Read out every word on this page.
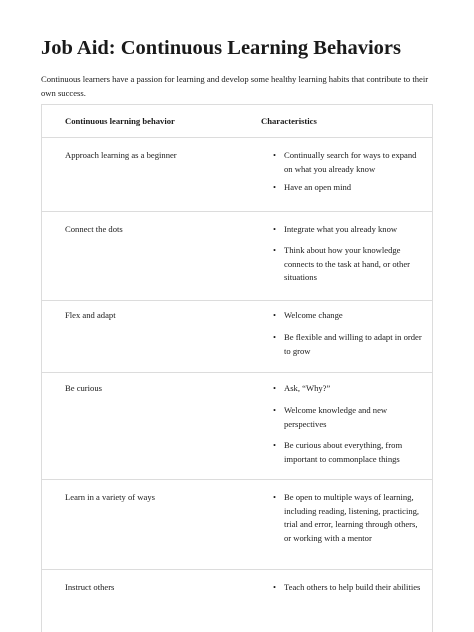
Job Aid: Continuous Learning Behaviors

Continuous learners have a passion for learning and develop some healthy learning habits that contribute to their own success.

Continuous learning behavior	Characteristics
Approach learning as a beginner	• Continually search for ways to expand on what you already know
• Have an open mind
Connect the dots	• Integrate what you already know
• Think about how your knowledge connects to the task at hand, or other situations
Flex and adapt	• Welcome change
• Be flexible and willing to adapt in order to grow
Be curious	• Ask, “Why?”
• Welcome knowledge and new perspectives
• Be curious about everything, from important to commonplace things
Learn in a variety of ways	• Be open to multiple ways of learning, including reading, listening, practicing, trial and error, learning through others, or working with a mentor
Instruct others	• Teach others to help build their abilities
